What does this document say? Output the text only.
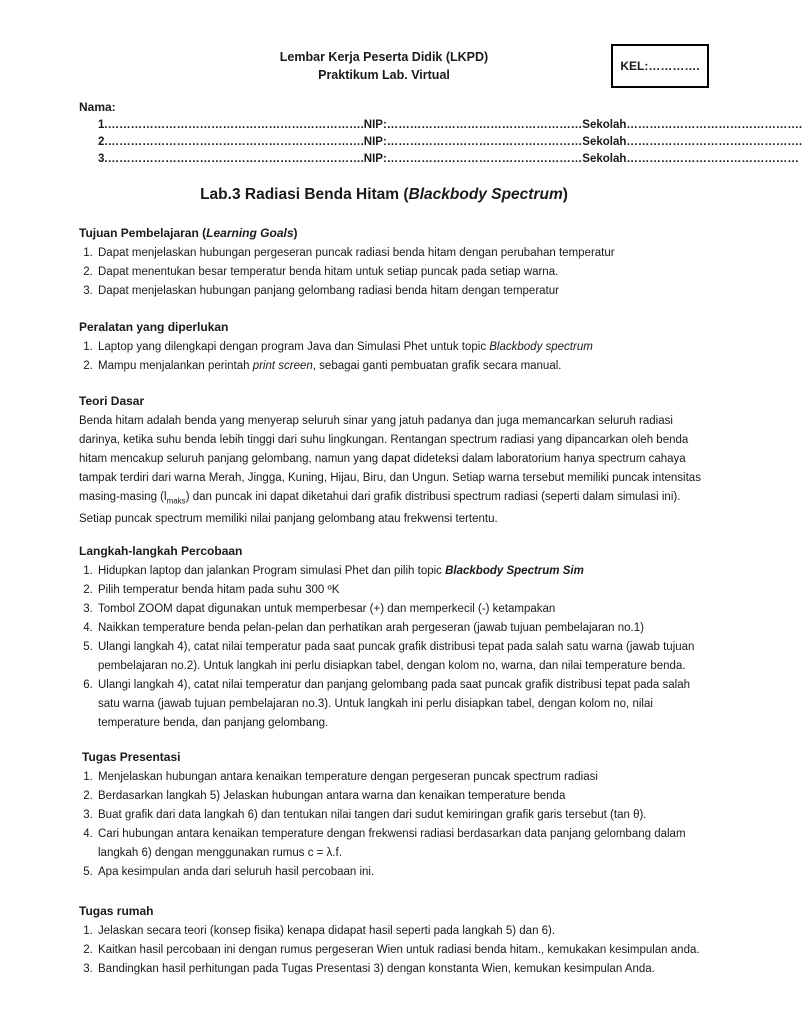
Lembar Kerja Peserta Didik (LKPD)
Praktikum Lab. Virtual
KEL:………….
Nama:
1. ………………………………………………………….NIP:……………………………………………Sekolah……………………………………….
2. ………………………………………………………….NIP:……………………………………………Sekolah……………………………………….
3. ………………………………………………………….NIP:……………………………………………Sekolah………………………………………
Lab.3 Radiasi Benda Hitam (Blackbody Spectrum)
Tujuan Pembelajaran (Learning Goals)
1. Dapat menjelaskan hubungan pergeseran puncak radiasi benda hitam dengan perubahan temperatur
2. Dapat menentukan besar temperatur benda hitam untuk setiap puncak pada setiap warna.
3. Dapat menjelaskan hubungan panjang gelombang radiasi benda hitam dengan temperatur
Peralatan yang diperlukan
1. Laptop yang dilengkapi dengan program Java dan Simulasi Phet untuk topic Blackbody spectrum
2. Mampu menjalankan perintah print screen, sebagai ganti pembuatan grafik secara manual.
Teori Dasar
Benda hitam adalah benda yang menyerap seluruh sinar yang jatuh padanya dan juga memancarkan seluruh radiasi darinya, ketika suhu benda lebih tinggi dari suhu lingkungan. Rentangan spectrum radiasi yang dipancarkan oleh benda hitam mencakup seluruh panjang gelombang, namun yang dapat dideteksi dalam laboratorium hanya spectrum cahaya tampak terdiri dari warna Merah, Jingga, Kuning, Hijau, Biru, dan Ungun. Setiap warna tersebut memiliki puncak intensitas masing-masing $(l_{maks})$ dan puncak ini dapat diketahui dari grafik distribusi spectrum radiasi (seperti dalam simulasi ini). Setiap puncak spectrum memiliki nilai panjang gelombang atau frekwensi tertentu.
Langkah-langkah Percobaan
1. Hidupkan laptop dan jalankan Program simulasi Phet dan pilih topic Blackbody Spectrum Sim
2. Pilih temperatur benda hitam pada suhu 300 ºK
3. Tombol ZOOM dapat digunakan untuk memperbesar (+) dan memperkecil (-) ketampakan
4. Naikkan temperature benda pelan-pelan dan perhatikan arah pergeseran (jawab tujuan pembelajaran no.1)
5. Ulangi langkah 4), catat nilai temperatur pada saat puncak grafik distribusi tepat pada salah satu warna (jawab tujuan pembelajaran no.2). Untuk langkah ini perlu disiapkan tabel, dengan kolom no, warna, dan nilai temperature benda.
6. Ulangi langkah 4), catat nilai temperatur dan panjang gelombang pada saat puncak grafik distribusi tepat pada salah satu warna (jawab tujuan pembelajaran no.3). Untuk langkah ini perlu disiapkan tabel, dengan kolom no, nilai temperature benda, dan panjang gelombang.
Tugas Presentasi
1. Menjelaskan hubungan antara kenaikan temperature dengan pergeseran puncak spectrum radiasi
2. Berdasarkan langkah 5) Jelaskan hubungan antara warna dan kenaikan temperature benda
3. Buat grafik dari data langkah 6) dan tentukan nilai tangen dari sudut kemiringan grafik garis tersebut (tan θ).
4. Cari hubungan antara kenaikan temperature dengan frekwensi radiasi berdasarkan data panjang gelombang dalam langkah 6) dengan menggunakan rumus c = λ.f.
5. Apa kesimpulan anda dari seluruh hasil percobaan ini.
Tugas rumah
1. Jelaskan secara teori (konsep fisika) kenapa didapat hasil seperti pada langkah 5) dan 6).
2. Kaitkan hasil percobaan ini dengan rumus pergeseran Wien untuk radiasi benda hitam., kemukakan kesimpulan anda.
3. Bandingkan hasil perhitungan pada Tugas Presentasi 3) dengan konstanta Wien, kemukan kesimpulan Anda.
